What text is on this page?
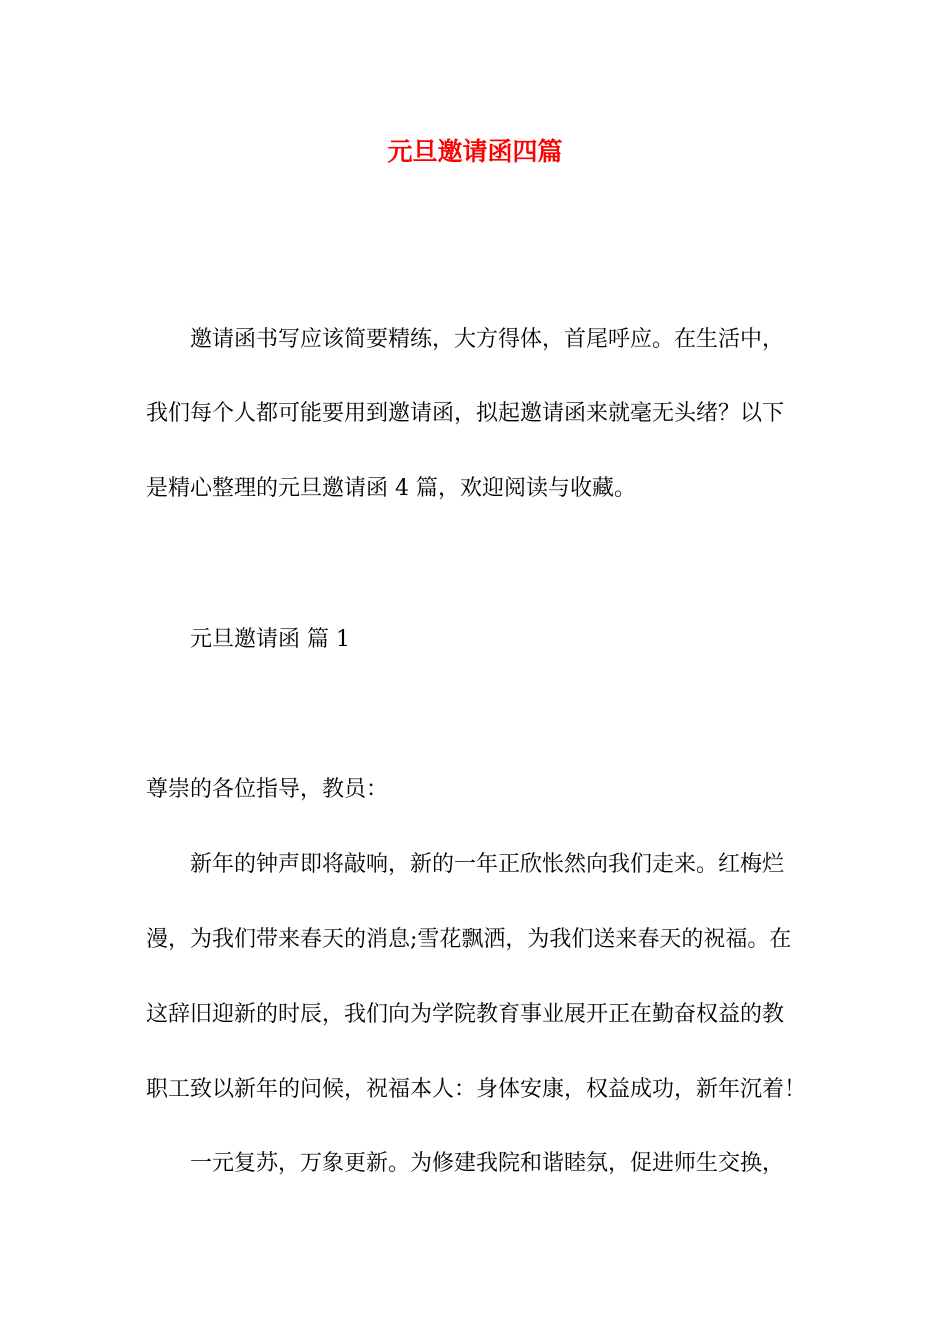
元旦邀请函四篇
邀请函书写应该简要精练，大方得体，首尾呼应。在生活中，
我们每个人都可能要用到邀请函，拟起邀请函来就毫无头绪？以下
是精心整理的元旦邀请函 4 篇，欢迎阅读与收藏。
元旦邀请函 篇 1
尊崇的各位指导，教员：
新年的钟声即将敲响，新的一年正欣怅然向我们走来。红梅烂
漫，为我们带来春天的消息;雪花飘洒，为我们送来春天的祝福。在
这辞旧迎新的时辰，我们向为学院教育事业展开正在勤奋权益的教
职工致以新年的问候，祝福本人：身体安康，权益成功，新年沉着！
一元复苏，万象更新。为修建我院和谐睦氛，促进师生交换，
